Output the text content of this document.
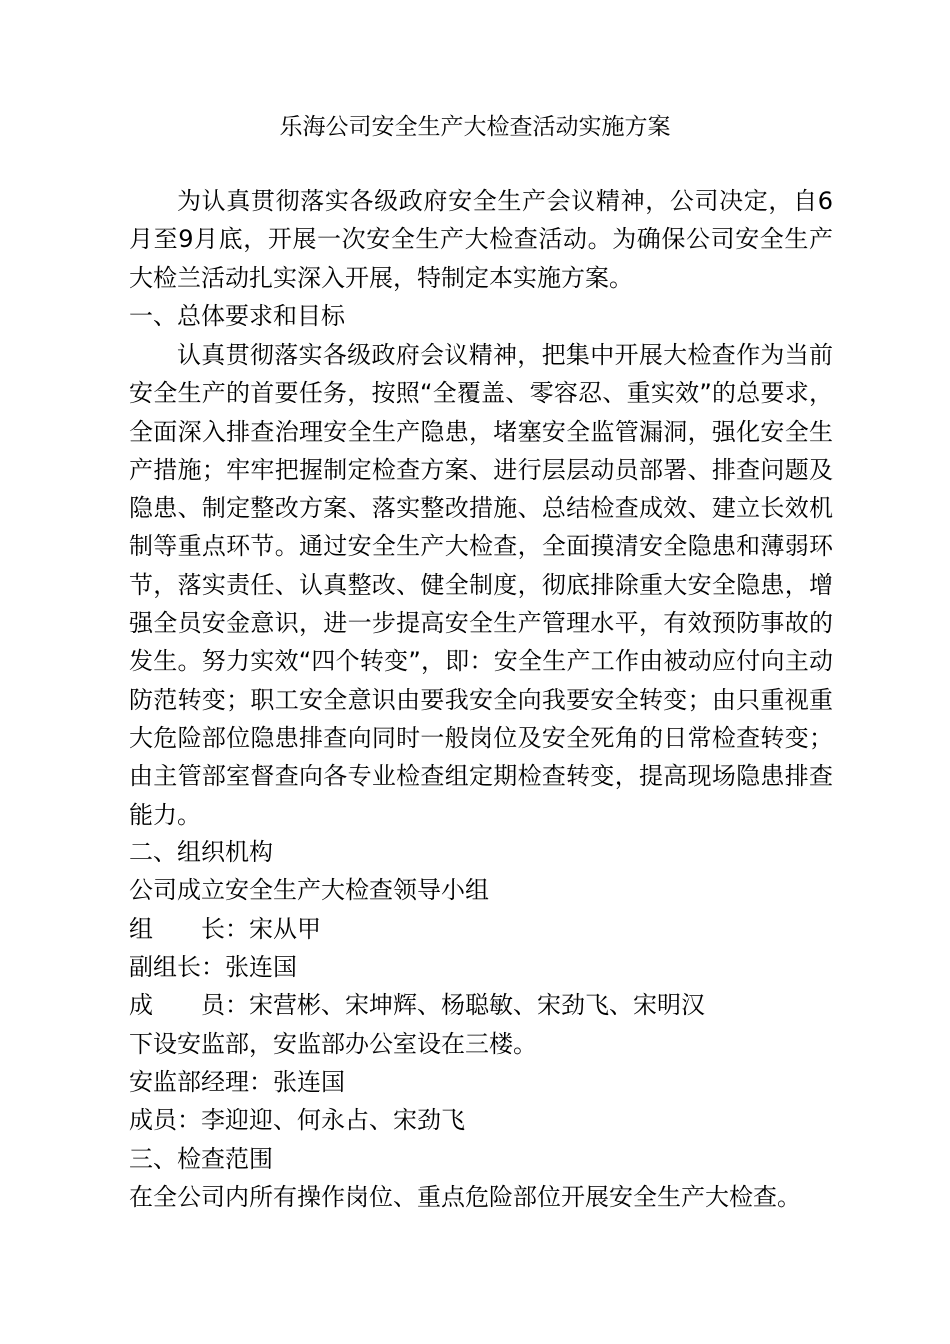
乐海公司安全生产大检查活动实施方案

为认真贯彻落实各级政府安全生产会议精神，公司决定，自6月至9月底，开展一次安全生产大检查活动。为确保公司安全生产大检兰活动扎实深入开展，特制定本实施方案。

一、总体要求和目标

认真贯彻落实各级政府会议精神，把集中开展大检查作为当前安全生产的首要任务，按照“全覆盖、零容忍、重实效”的总要求，全面深入排查治理安全生产隐患，堵塞安全监管漏洞，强化安全生产措施；牢牢把握制定检查方案、进行层层动员部署、排查问题及隐患、制定整改方案、落实整改措施、总结检查成效、建立长效机制等重点环节。通过安全生产大检查，全面摸清安全隐患和薄弱环节，落实责任、认真整改、健全制度，彻底排除重大安全隐患，增强全员安金意识，进一步提高安全生产管理水平，有效预防事故的发生。努力实效“四个转变”，即：安全生产工作由被动应付向主动防范转变；职工安全意识由要我安全向我要安全转变；由只重视重大危险部位隐患排查向同时一般岗位及安全死角的日常检查转变；由主管部室督查向各专业检查组定期检查转变，提高现场隐患排查能力。

二、组织机构

公司成立安全生产大检查领导小组

组　　长：宋从甲

副组长：张连国

成　　员：宋营彬、宋坤辉、杨聪敏、宋劲飞、宋明汉

下设安监部，安监部办公室设在三楼。

安监部经理：张连国

成员：李迎迎、何永占、宋劲飞

三、检查范围

在全公司内所有操作岗位、重点危险部位开展安全生产大检查。
